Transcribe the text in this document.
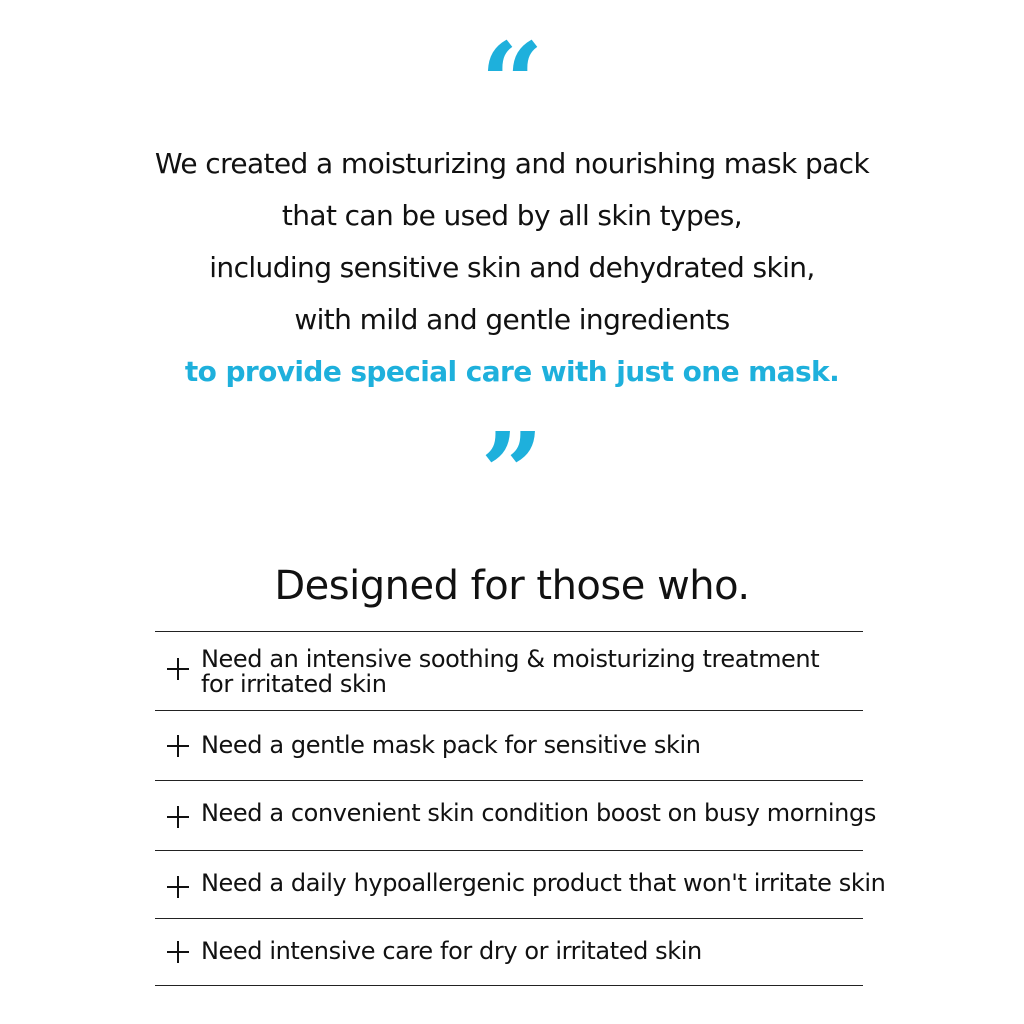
“
We created a moisturizing and nourishing mask pack
that can be used by all skin types,
including sensitive skin and dehydrated skin,
with mild and gentle ingredients
to provide special care with just one mask.
”
Designed for those who.
Need an intensive soothing & moisturizing treatment
for irritated skin
Need a gentle mask pack for sensitive skin
Need a convenient skin condition boost on busy mornings
Need a daily hypoallergenic product that won't irritate skin
Need intensive care for dry or irritated skin
